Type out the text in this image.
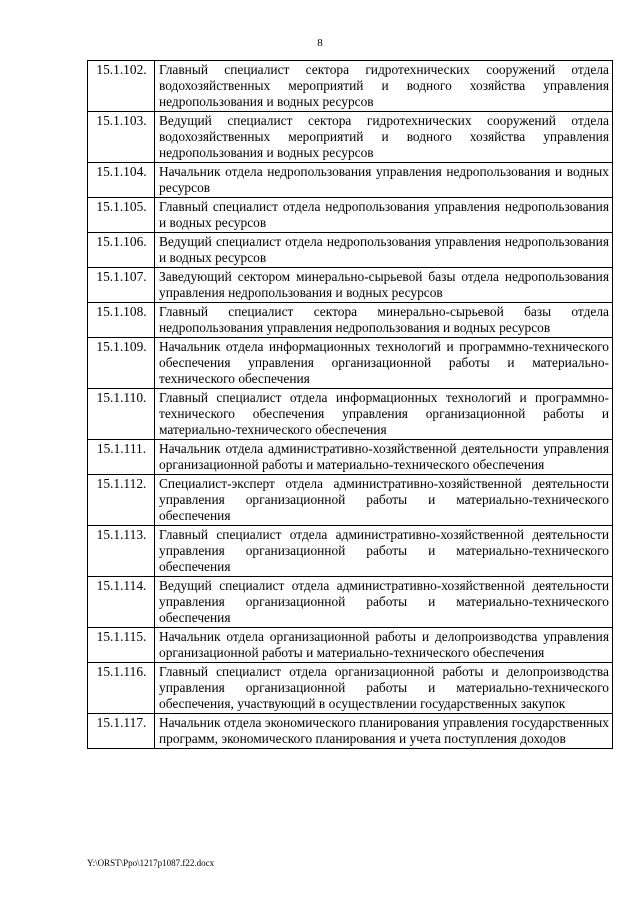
8
15.1.102.	Главный специалист сектора гидротехнических сооружений отдела водохозяйственных мероприятий и водного хозяйства управления недропользования и водных ресурсов
15.1.103.	Ведущий специалист сектора гидротехнических сооружений отдела водохозяйственных мероприятий и водного хозяйства управления недропользования и водных ресурсов
15.1.104.	Начальник отдела недропользования управления недропользования и водных ресурсов
15.1.105.	Главный специалист отдела недропользования управления недропользования и водных ресурсов
15.1.106.	Ведущий специалист отдела недропользования управления недропользования и водных ресурсов
15.1.107.	Заведующий сектором минерально-сырьевой базы отдела недропользования управления недропользования и водных ресурсов
15.1.108.	Главный специалист сектора минерально-сырьевой базы отдела недропользования управления недропользования и водных ресурсов
15.1.109.	Начальник отдела информационных технологий и программно-технического обеспечения управления организационной работы и материально-технического обеспечения
15.1.110.	Главный специалист отдела информационных технологий и программно-технического обеспечения управления организационной работы и материально-технического обеспечения
15.1.111.	Начальник отдела административно-хозяйственной деятельности управления организационной работы и материально-технического обеспечения
15.1.112.	Специалист-эксперт отдела административно-хозяйственной деятельности управления организационной работы и материально-технического обеспечения
15.1.113.	Главный специалист отдела административно-хозяйственной деятельности управления организационной работы и материально-технического обеспечения
15.1.114.	Ведущий специалист отдела административно-хозяйственной деятельности управления организационной работы и материально-технического обеспечения
15.1.115.	Начальник отдела организационной работы и делопроизводства управления организационной работы и материально-технического обеспечения
15.1.116.	Главный специалист отдела организационной работы и делопроизводства управления организационной работы и материально-технического обеспечения, участвующий в осуществлении государственных закупок
15.1.117.	Начальник отдела экономического планирования управления государственных программ, экономического планирования и учета поступления доходов
Y:\ORST\Ppo\1217p1087.f22.docx
